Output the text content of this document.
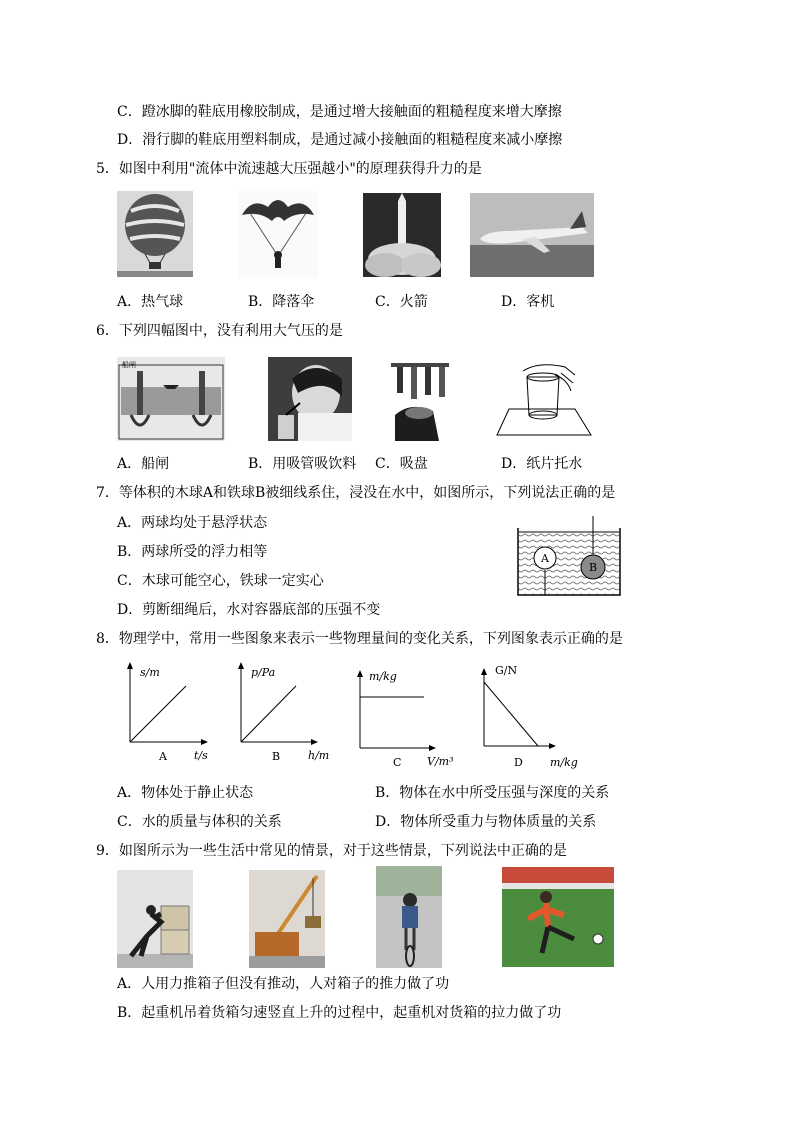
C．蹬冰脚的鞋底用橡胶制成，是通过增大接触面的粗糙程度来增大摩擦
D．滑行脚的鞋底用塑料制成，是通过减小接触面的粗糙程度来减小摩擦
5．如图中利用"流体中流速越大压强越小"的原理获得升力的是
A．热气球	B．降落伞	C．火箭	D．客机
6．下列四幅图中，没有利用大气压的是
船闸
A．船闸	B．用吸管吸饮料 C．吸盘	D．纸片托水
7．等体积的木球A和铁球B被细线系住，浸没在水中，如图所示，下列说法正确的是
A．两球均处于悬浮状态
B．两球所受的浮力相等
C．木球可能空心，铁球一定实心
D．剪断细绳后，水对容器底部的压强不变
A
B
8．物理学中，常用一些图象来表示一些物理量间的变化关系，下列图象表示正确的是
s/m
t/s
A
p/Pa
h/m
B
m/kg
V/m³
C
G/N
m/kg
D
A．物体处于静止状态	B．物体在水中所受压强与深度的关系
C．水的质量与体积的关系	D．物体所受重力与物体质量的关系
9．如图所示为一些生活中常见的情景，对于这些情景，下列说法中正确的是
A．人用力推箱子但没有推动，人对箱子的推力做了功
B．起重机吊着货箱匀速竖直上升的过程中，起重机对货箱的拉力做了功
